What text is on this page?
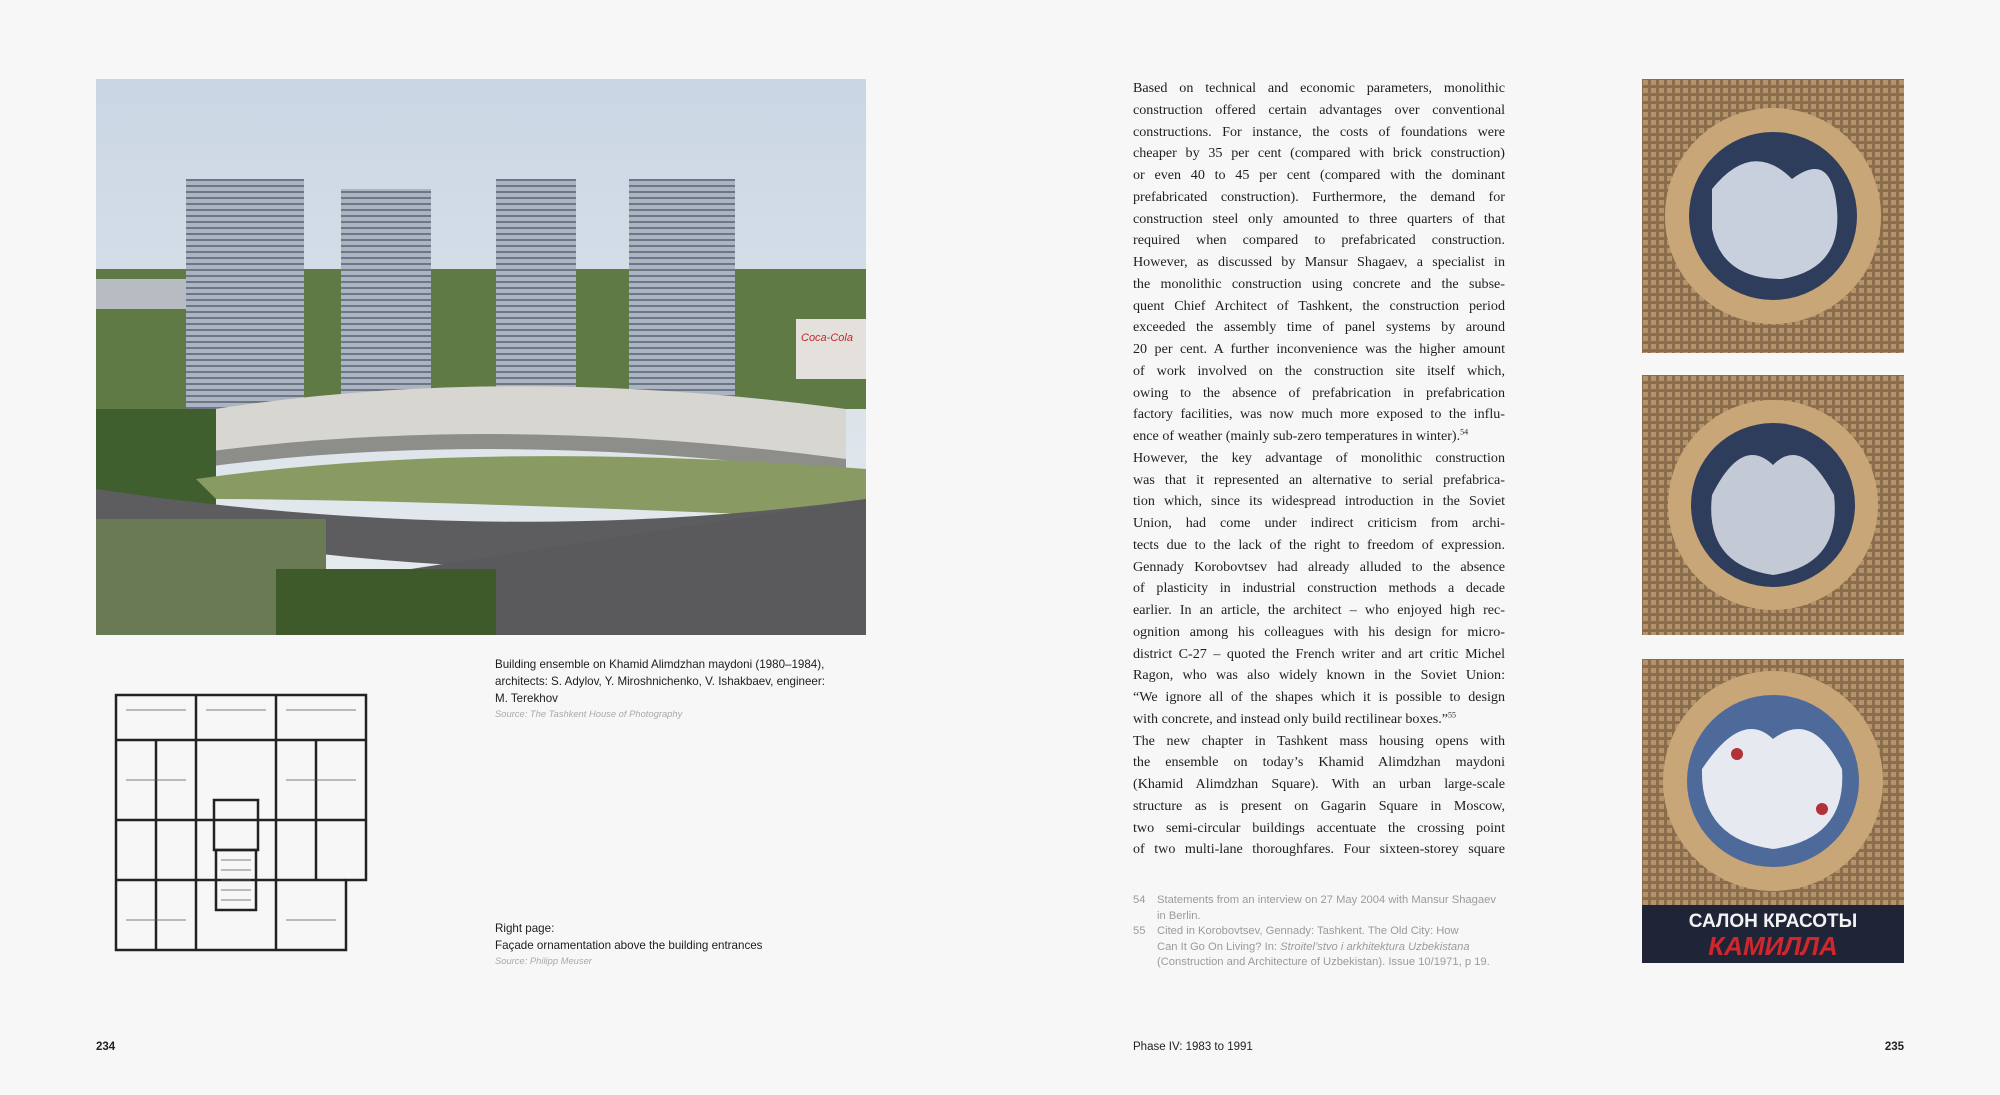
Coca-Cola
Building ensemble on Khamid Alimdzhan maydoni (1980–1984),
architects: S. Adylov, Y. Miroshnichenko, V. Ishakbaev, engineer:
M. Terekhov
Source: The Tashkent House of Photography
Right page:
Façade ornamentation above the building entrances
Source: Philipp Meuser
Based on technical and economic parameters, monolithic
construction offered certain advantages over conventional
constructions. For instance, the costs of foundations were
cheaper by 35 per cent (compared with brick construction)
or even 40 to 45 per cent (compared with the dominant
prefabricated construction). Furthermore, the demand for
construction steel only amounted to three quarters of that
required when compared to prefabricated construction.
However, as discussed by Mansur Shagaev, a specialist in
the monolithic construction using concrete and the subse-
quent Chief Architect of Tashkent, the construction period
exceeded the assembly time of panel systems by around
20 per cent. A further inconvenience was the higher amount
of work involved on the construction site itself which,
owing to the absence of prefabrication in prefabrication
factory facilities, was now much more exposed to the influ-
ence of weather (mainly sub-zero temperatures in winter).$^{54}$
However, the key advantage of monolithic construction
was that it represented an alternative to serial prefabrica-
tion which, since its widespread introduction in the Soviet
Union, had come under indirect criticism from archi-
tects due to the lack of the right to freedom of expression.
Gennady Korobovtsev had already alluded to the absence
of plasticity in industrial construction methods a decade
earlier. In an article, the architect – who enjoyed high rec-
ognition among his colleagues with his design for micro-
district C-27 – quoted the French writer and art critic Michel
Ragon, who was also widely known in the Soviet Union:
“We ignore all of the shapes which it is possible to design
with concrete, and instead only build rectilinear boxes.”$^{55}$
The new chapter in Tashkent mass housing opens with
the ensemble on today’s Khamid Alimdzhan maydoni
(Khamid Alimdzhan Square). With an urban large-scale
structure as is present on Gagarin Square in Moscow,
two semi-circular buildings accentuate the crossing point
of two multi-lane thoroughfares. Four sixteen-storey square
54	Statements from an interview on 27 May 2004 with Mansur Shagaev
in Berlin.
55	Cited in Korobovtsev, Gennady: Tashkent. The Old City: How
Can It Go On Living? In: Stroitel’stvo i arkhitektura Uzbekistana
(Construction and Architecture of Uzbekistan). Issue 10/1971, p 19.
САЛОН КРАСОТЫ
КАМИЛЛА
234	Phase IV: 1983 to 1991	235
